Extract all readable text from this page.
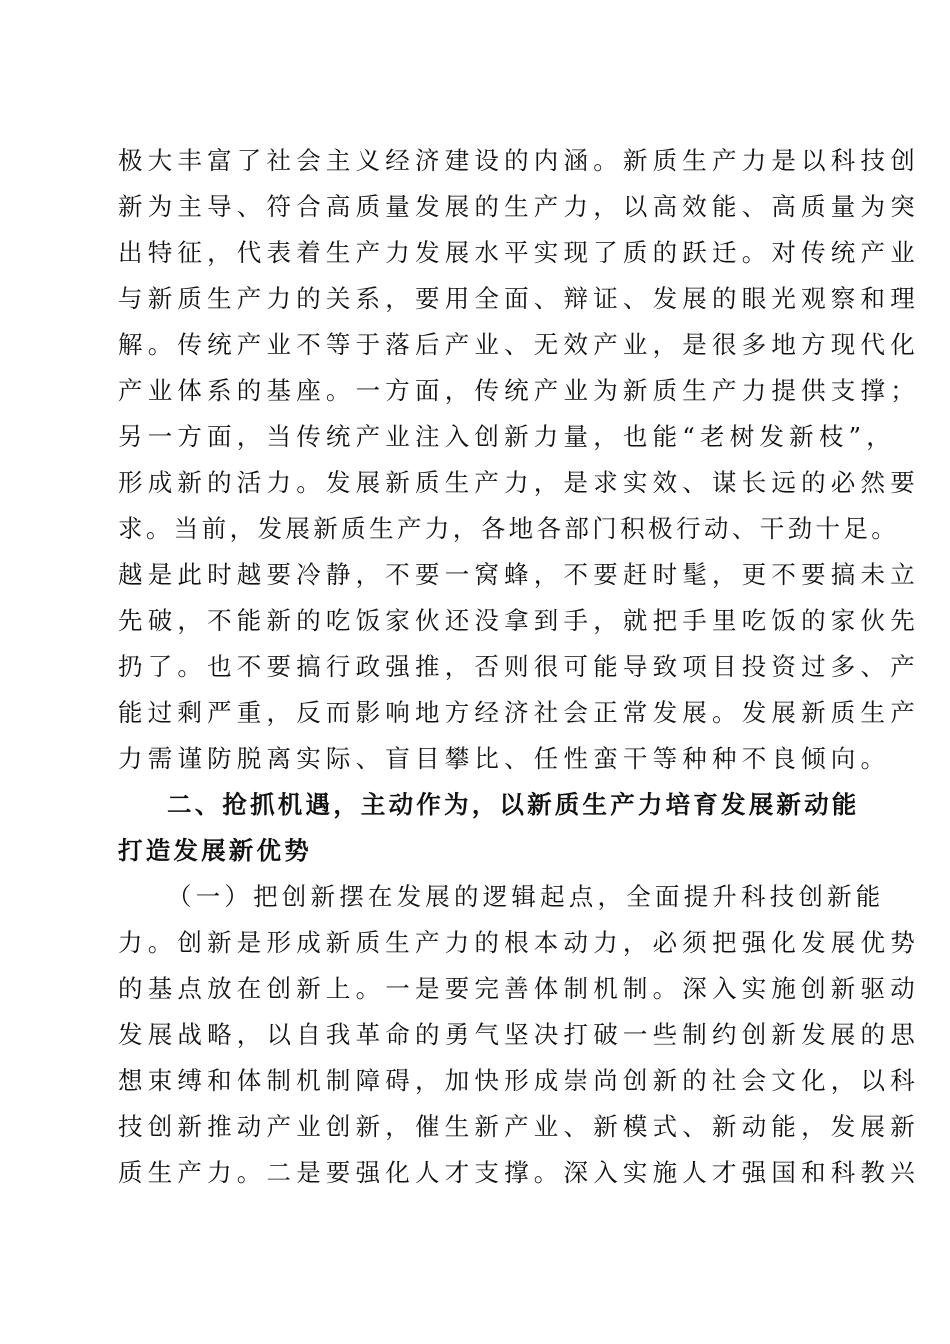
极大丰富了社会主义经济建设的内涵。新质生产力是以科技创
新为主导、符合高质量发展的生产力，以高效能、高质量为突
出特征，代表着生产力发展水平实现了质的跃迁。对传统产业
与新质生产力的关系，要用全面、辩证、发展的眼光观察和理
解。传统产业不等于落后产业、无效产业，是很多地方现代化
产业体系的基座。一方面，传统产业为新质生产力提供支撑；
另一方面，当传统产业注入创新力量，也能“老树发新枝”，
形成新的活力。发展新质生产力，是求实效、谋长远的必然要
求。当前，发展新质生产力，各地各部门积极行动、干劲十足。
越是此时越要冷静，不要一窝蜂，不要赶时髦，更不要搞未立
先破，不能新的吃饭家伙还没拿到手，就把手里吃饭的家伙先
扔了。也不要搞行政强推，否则很可能导致项目投资过多、产
能过剩严重，反而影响地方经济社会正常发展。发展新质生产
力需谨防脱离实际、盲目攀比、任性蛮干等种种不良倾向。
二、抢抓机遇，主动作为，以新质生产力培育发展新动能
打造发展新优势
（一）把创新摆在发展的逻辑起点，全面提升科技创新能
力。创新是形成新质生产力的根本动力，必须把强化发展优势
的基点放在创新上。一是要完善体制机制。深入实施创新驱动
发展战略，以自我革命的勇气坚决打破一些制约创新发展的思
想束缚和体制机制障碍，加快形成崇尚创新的社会文化，以科
技创新推动产业创新，催生新产业、新模式、新动能，发展新
质生产力。二是要强化人才支撑。深入实施人才强国和科教兴
